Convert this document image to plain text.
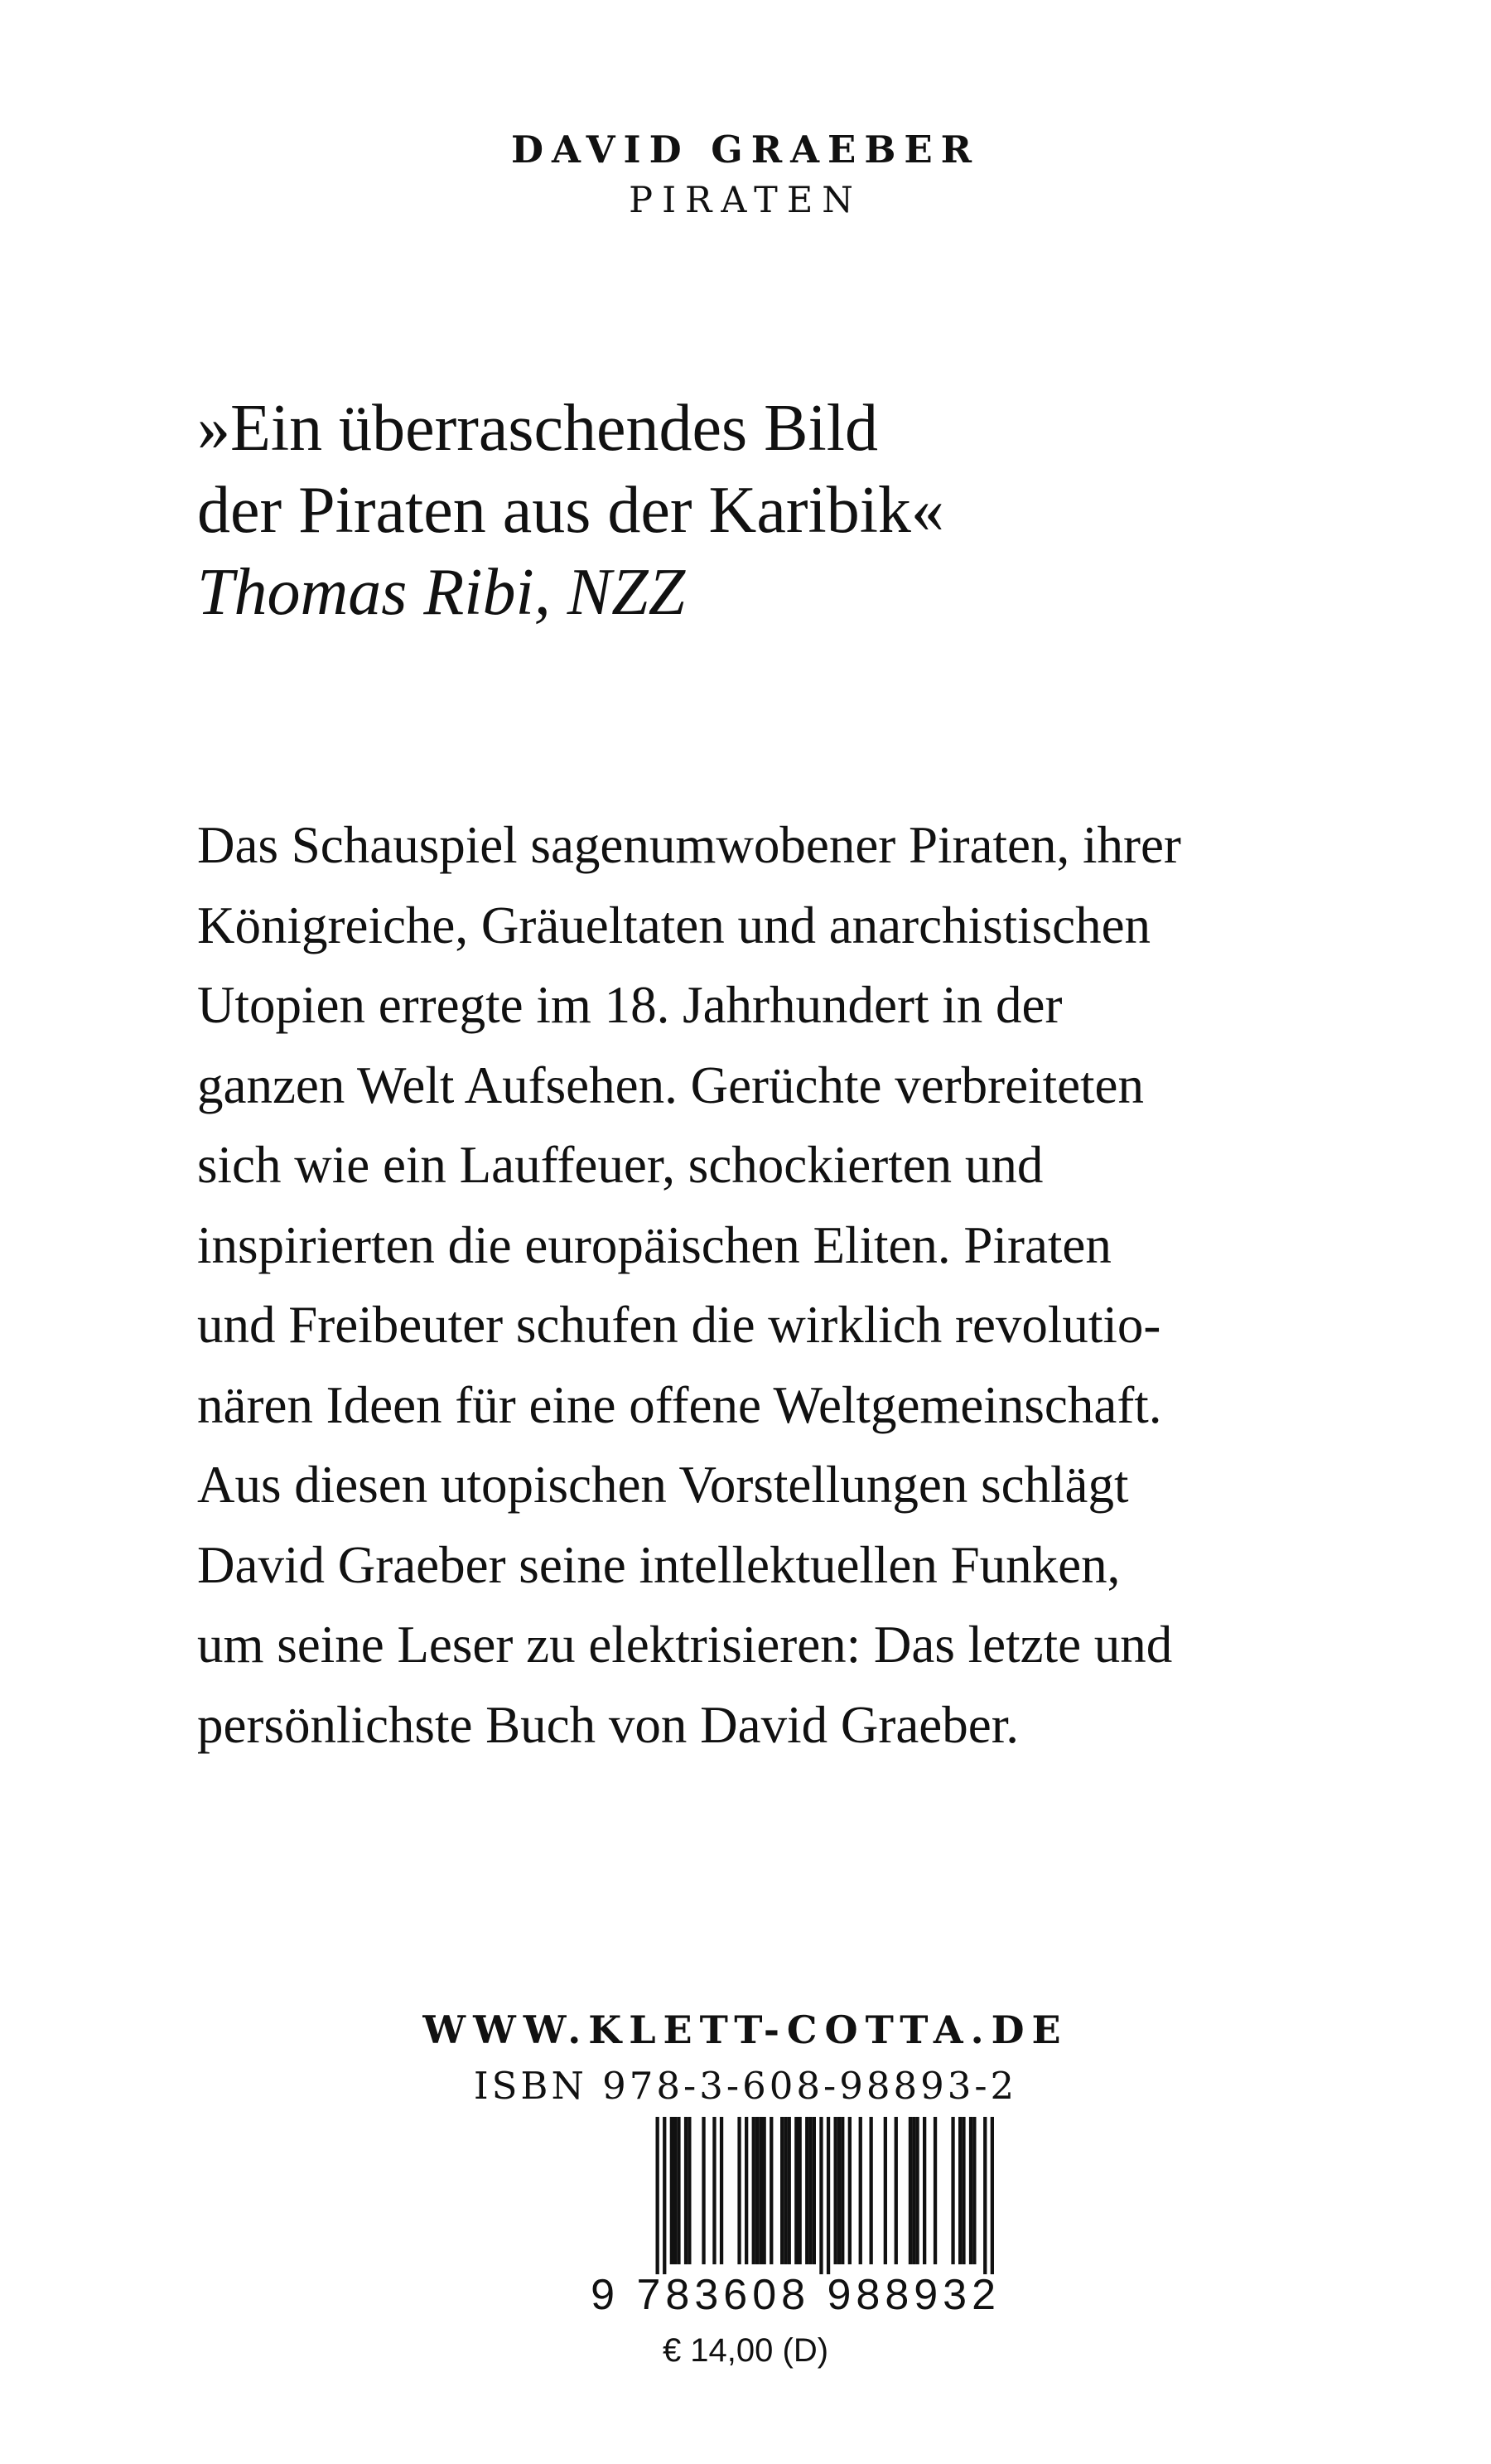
DAVID GRAEBER
PIRATEN
»Ein überraschendes Bild
der Piraten aus der Karibik«
Thomas Ribi, NZZ
Das Schauspiel sagenumwobener Piraten, ihrer
Königreiche, Gräueltaten und anarchistischen
Utopien erregte im 18. Jahrhundert in der
ganzen Welt Aufsehen. Gerüchte verbreiteten
sich wie ein Lauffeuer, schockierten und
inspirierten die europäischen Eliten. Piraten
und Freibeuter schufen die wirklich revolutio-
nären Ideen für eine offene Weltgemeinschaft.
Aus diesen utopischen Vorstellungen schlägt
David Graeber seine intellektuellen Funken,
um seine Leser zu elektrisieren: Das letzte und
persönlichste Buch von David Graeber.
WWW.KLETT-COTTA.DE
ISBN 978-3-608-98893-2
9 783608 988932
€ 14,00 (D)
